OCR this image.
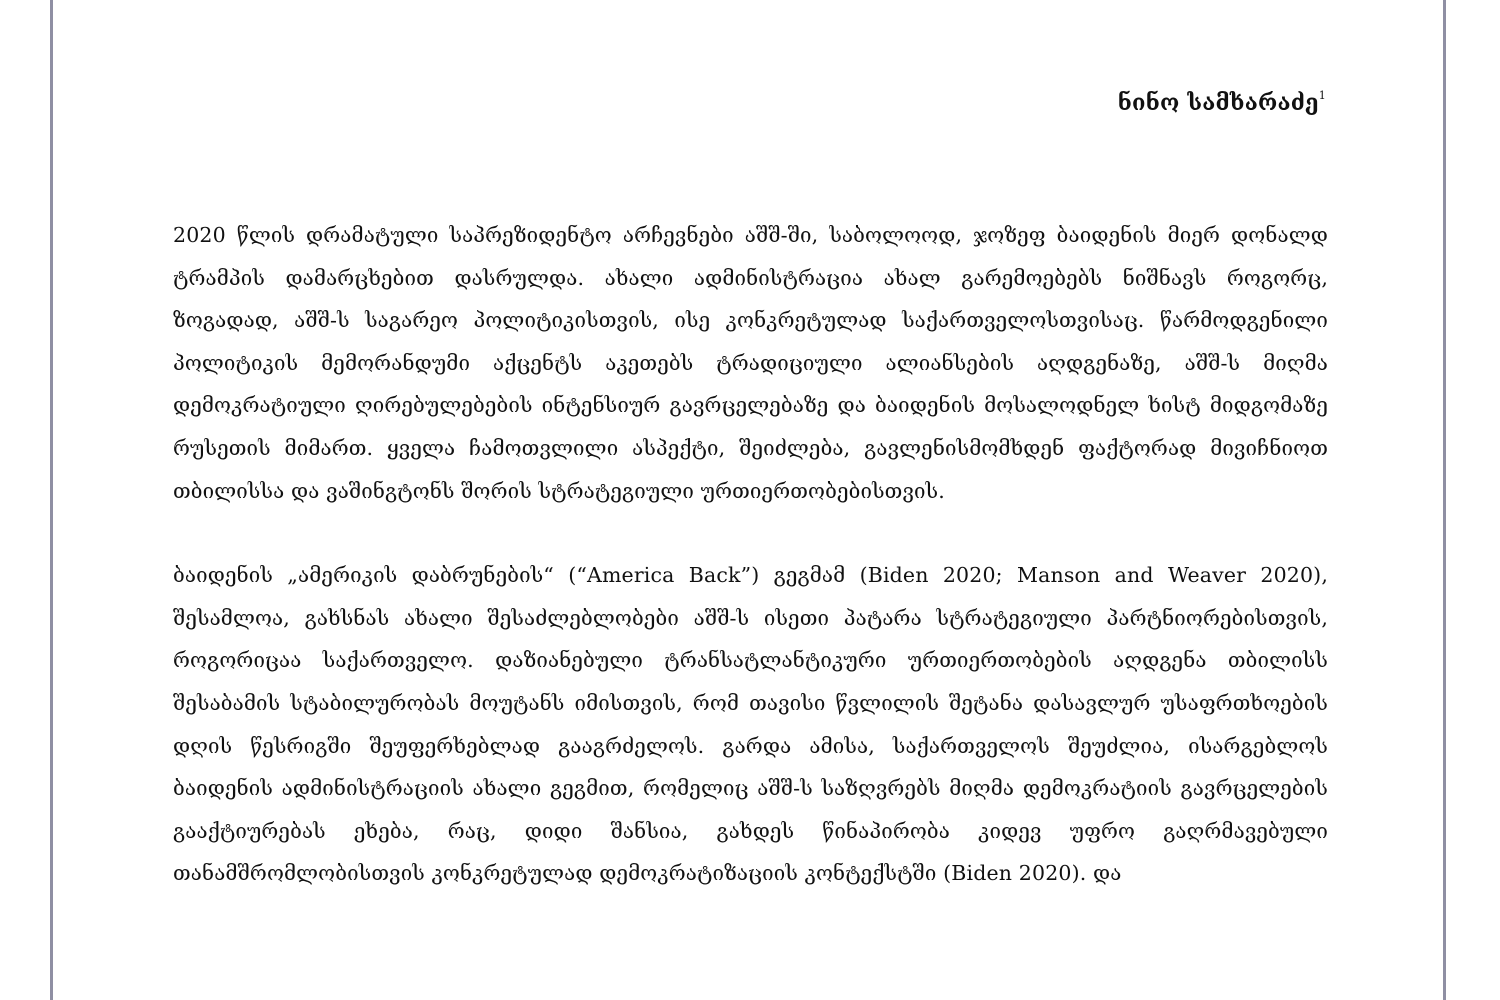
ნინო სამხარაძე$^1$

2020 წლის დრამატული საპრეზიდენტო არჩევნები აშშ-ში, საბოლოოდ, ჯოზეფ ბაიდენის მიერ დონალდ ტრამპის დამარცხებით დასრულდა. ახალი ადმინისტრაცია ახალ გარემოებებს ნიშნავს როგორც, ზოგადად, აშშ-ს საგარეო პოლიტიკისთვის, ისე კონკრეტულად საქართველოსთვისაც. წარმოდგენილი პოლიტიკის მემორანდუმი აქცენტს აკეთებს ტრადიციული ალიანსების აღდგენაზე, აშშ-ს მიღმა დემოკრატიული ღირებულებების ინტენსიურ გავრცელებაზე და ბაიდენის მოსალოდნელ ხისტ მიდგომაზე რუსეთის მიმართ. ყველა ჩამოთვლილი ასპექტი, შეიძლება, გავლენისმომხდენ ფაქტორად მივიჩნიოთ თბილისსა და ვაშინგტონს შორის სტრატეგიული ურთიერთობებისთვის.

ბაიდენის „ამერიკის დაბრუნების“ (“America Back”) გეგმამ (Biden 2020; Manson and Weaver 2020), შესამლოა, გახსნას ახალი შესაძლებლობები აშშ-ს ისეთი პატარა სტრატეგიული პარტნიორებისთვის, როგორიცაა საქართველო. დაზიანებული ტრანსატლანტიკური ურთიერთობების აღდგენა თბილისს შესაბამის სტაბილურობას მოუტანს იმისთვის, რომ თავისი წვლილის შეტანა დასავლურ უსაფრთხოების დღის წესრიგში შეუფერხებლად გააგრძელოს. გარდა ამისა, საქართველოს შეუძლია, ისარგებლოს ბაიდენის ადმინისტრაციის ახალი გეგმით, რომელიც აშშ-ს საზღვრებს მიღმა დემოკრატიის გავრცელების გააქტიურებას ეხება, რაც, დიდი შანსია, გახდეს წინაპირობა კიდევ უფრო გაღრმავებული თანამშრომლობისთვის კონკრეტულად დემოკრატიზაციის კონტექსტში (Biden 2020). და
